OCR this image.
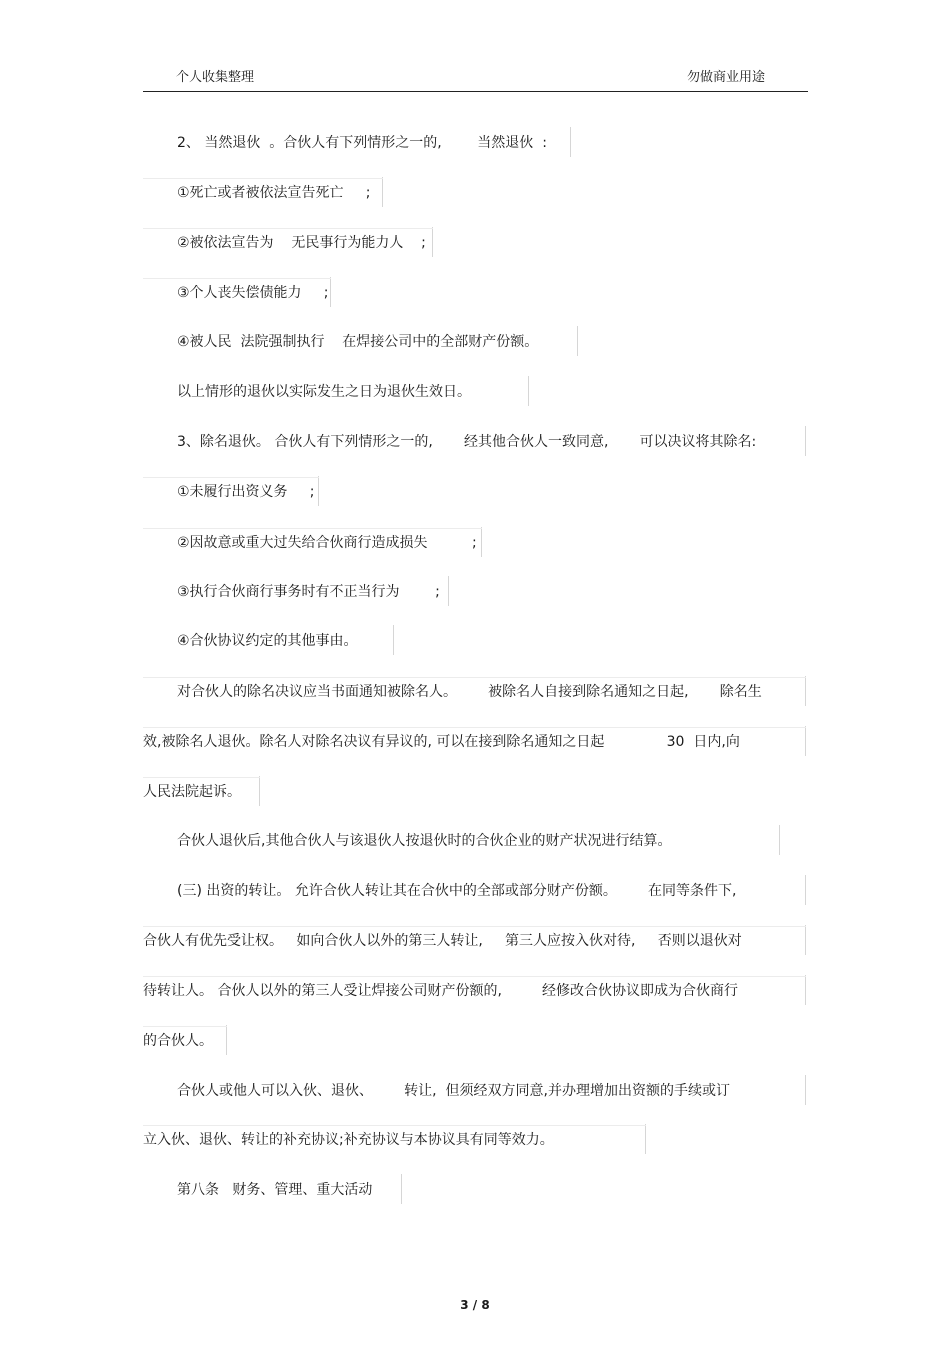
个人收集整理	勿做商业用途
2、 当然退伙  。合伙人有下列情形之一的,        当然退伙  :
①死亡或者被依法宣告死亡     ;
②被依法宣告为    无民事行为能力人    ;
③个人丧失偿债能力     ;
④被人民  法院强制执行    在焊接公司中的全部财产份额。
以上情形的退伙以实际发生之日为退伙生效日。
3、除名退伙。 合伙人有下列情形之一的,       经其他合伙人一致同意,       可以决议将其除名:
①未履行出资义务     ;
②因故意或重大过失给合伙商行造成损失          ;
③执行合伙商行事务时有不正当行为        ;
④合伙协议约定的其他事由。
对合伙人的除名决议应当书面通知被除名人。       被除名人自接到除名通知之日起,       除名生
效,被除名人退伙。除名人对除名决议有异议的, 可以在接到除名通知之日起              30  日内,向
人民法院起诉。
合伙人退伙后,其他合伙人与该退伙人按退伙时的合伙企业的财产状况进行结算。
(三) 出资的转让。 允许合伙人转让其在合伙中的全部或部分财产份额。       在同等条件下,
合伙人有优先受让权。   如向合伙人以外的第三人转让,     第三人应按入伙对待,     否则以退伙对
待转让人。 合伙人以外的第三人受让焊接公司财产份额的,         经修改合伙协议即成为合伙商行
的合伙人。
合伙人或他人可以入伙、退伙、       转让,  但须经双方同意,并办理增加出资额的手续或订
立入伙、退伙、转让的补充协议;补充协议与本协议具有同等效力。
第八条   财务、管理、重大活动
3 / 8
